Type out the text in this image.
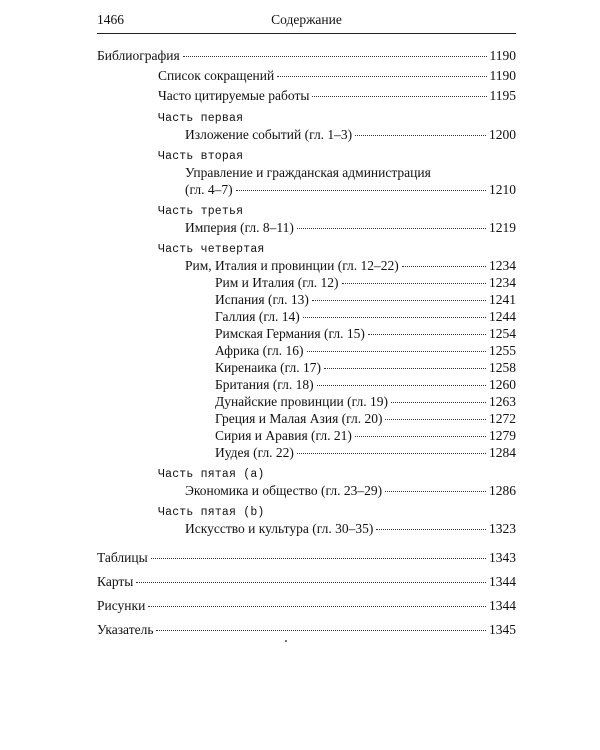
1466	Содержание
Библиография	1190
Список сокращений	1190
Часто цитируемые работы	1195
Часть первая
Изложение событий (гл. 1–3)	1200
Часть вторая
Управление и гражданская администрация
(гл. 4–7)	1210
Часть третья
Империя (гл. 8–11)	1219
Часть четвертая
Рим, Италия и провинции (гл. 12–22)	1234
Рим и Италия (гл. 12)	1234
Испания (гл. 13)	1241
Галлия (гл. 14)	1244
Римская Германия (гл. 15)	1254
Африка (гл. 16)	1255
Киренаика (гл. 17)	1258
Британия (гл. 18)	1260
Дунайские провинции (гл. 19)	1263
Греция и Малая Азия (гл. 20)	1272
Сирия и Аравия (гл. 21)	1279
Иудея (гл. 22)	1284
Часть пятая (a)
Экономика и общество (гл. 23–29)	1286
Часть пятая (b)
Искусство и культура (гл. 30–35)	1323
Таблицы	1343
Карты	1344
Рисунки	1344
Указатель	1345
